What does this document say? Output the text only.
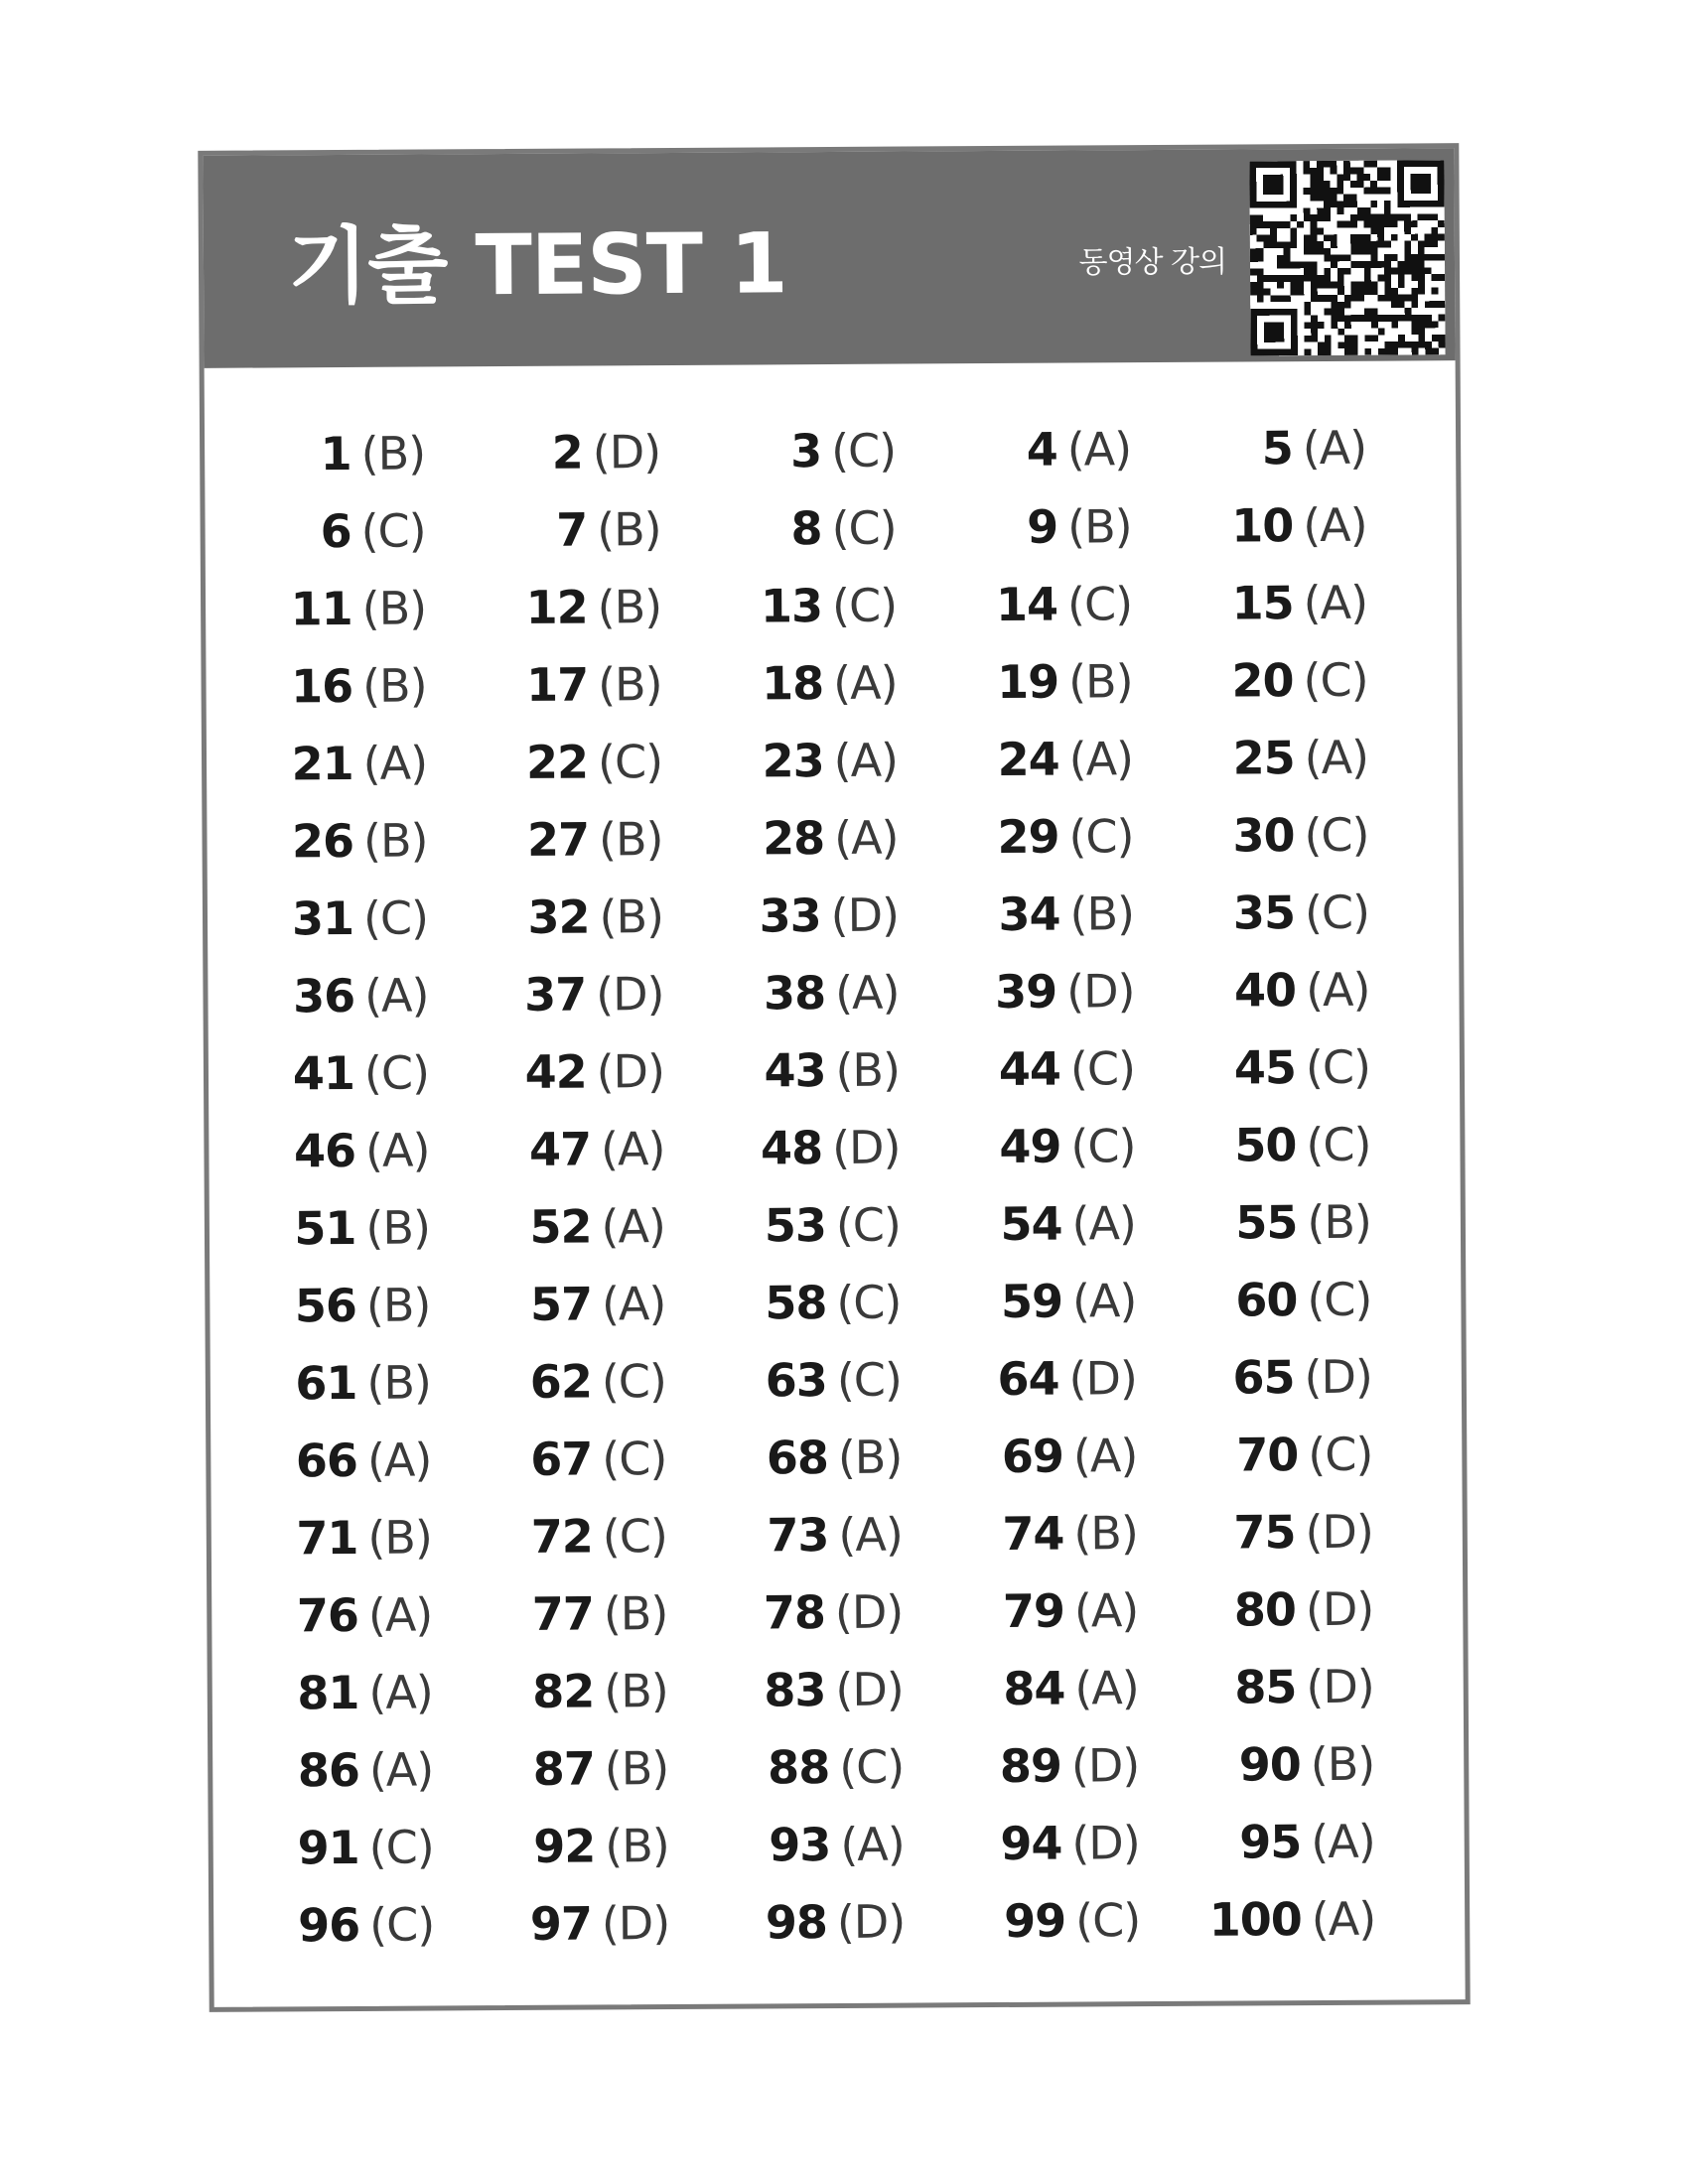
기출 TEST 1	동영상 강의
1 (B)	2 (D)	3 (C)	4 (A)	5 (A)
6 (C)	7 (B)	8 (C)	9 (B) 10 (A)
11 (B) 12 (B) 13 (C) 14 (C) 15 (A)
16 (B) 17 (B) 18 (A) 19 (B) 20 (C)
21 (A) 22 (C) 23 (A) 24 (A) 25 (A)
26 (B) 27 (B) 28 (A) 29 (C) 30 (C)
31 (C) 32 (B) 33 (D) 34 (B) 35 (C)
36 (A) 37 (D) 38 (A) 39 (D) 40 (A)
41 (C) 42 (D) 43 (B) 44 (C) 45 (C)
46 (A) 47 (A) 48 (D) 49 (C) 50 (C)
51 (B) 52 (A) 53 (C) 54 (A) 55 (B)
56 (B) 57 (A) 58 (C) 59 (A) 60 (C)
61 (B) 62 (C) 63 (C) 64 (D) 65 (D)
66 (A) 67 (C) 68 (B) 69 (A) 70 (C)
71 (B) 72 (C) 73 (A) 74 (B) 75 (D)
76 (A) 77 (B) 78 (D) 79 (A) 80 (D)
81 (A) 82 (B) 83 (D) 84 (A) 85 (D)
86 (A) 87 (B) 88 (C) 89 (D) 90 (B)
91 (C) 92 (B) 93 (A) 94 (D) 95 (A)
96 (C) 97 (D) 98 (D) 99 (C) 100 (A)
